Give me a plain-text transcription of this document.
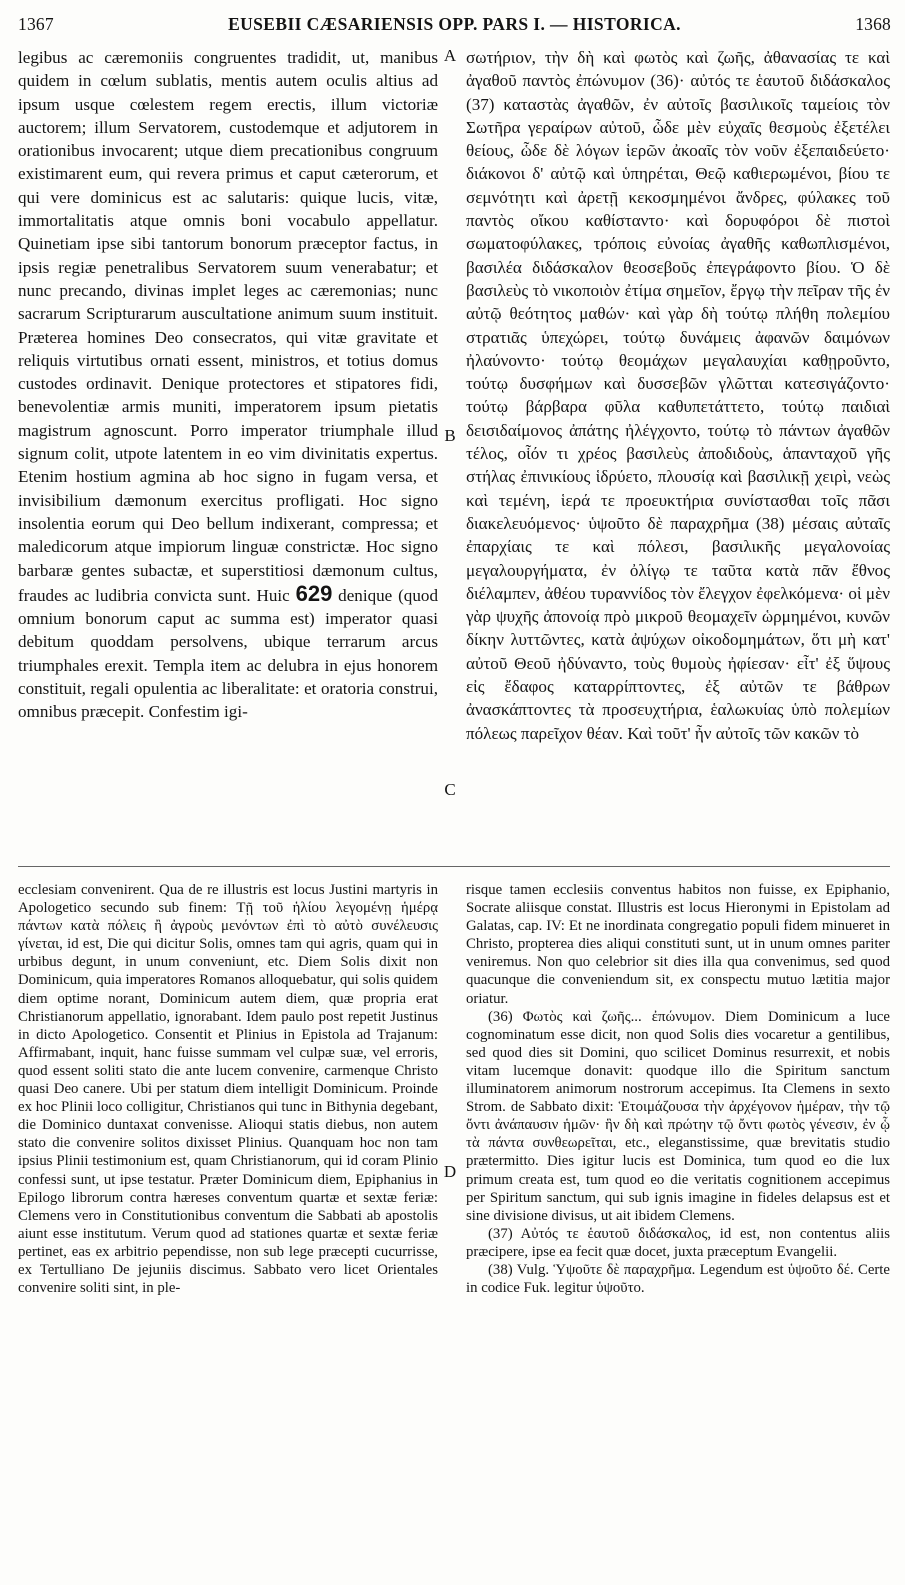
1367	EUSEBII CÆSARIENSIS OPP. PARS I. — HISTORICA.	1368

legibus ac cæremoniis congruentes tradidit, ut, manibus quidem in cœlum sublatis, mentis autem oculis altius ad ipsum usque cœlestem regem erectis, illum victoriæ auctorem; illum Servatorem, custodemque et adjutorem in orationibus invocarent; utque diem precationibus congruum existimarent eum, qui revera primus et caput cæterorum, et qui vere dominicus est ac salutaris: quique lucis, vitæ, immortalitatis atque omnis boni vocabulo appellatur. Quinetiam ipse sibi tantorum bonorum præceptor factus, in ipsis regiæ penetralibus Servatorem suum venerabatur; et nunc precando, divinas implet leges ac cæremonias; nunc sacrarum Scripturarum auscultatione animum suum instituit. Præterea homines Deo consecratos, qui vitæ gravitate et reliquis virtutibus ornati essent, ministros, et totius domus custodes ordinavit. Denique protectores et stipatores fidi, benevolentiæ armis muniti, imperatorem ipsum pietatis magistrum agnoscunt. Porro imperator triumphale illud signum colit, utpote latentem in eo vim divinitatis expertus. Etenim hostium agmina ab hoc signo in fugam versa, et invisibilium dæmonum exercitus profligati. Hoc signo insolentia eorum qui Deo bellum indixerant, compressa; et maledicorum atque impiorum linguæ constrictæ. Hoc signo barbaræ gentes subactæ, et superstitiosi dæmonum cultus, fraudes ac ludibria convicta sunt. Huic 629 denique (quod omnium bonorum caput ac summa est) imperator quasi debitum quoddam persolvens, ubique terrarum arcus triumphales erexit. Templa item ac delubra in ejus honorem constituit, regali opulentia ac liberalitate: et oratoria construi, omnibus præcepit. Confestim igi-

σωτήριον, τὴν δὴ καὶ φωτὸς καὶ ζωῆς, ἀθανασίας τε καὶ ἀγαθοῦ παντὸς ἐπώνυμον (36)· αὐτός τε ἑαυτοῦ διδάσκαλος (37) καταστὰς ἀγαθῶν, ἐν αὐτοῖς βασιλικοῖς ταμείοις τὸν Σωτῆρα γεραίρων αὐτοῦ, ὧδε μὲν εὐχαῖς θεσμοὺς ἐξετέλει θείους, ὧδε δὲ λόγων ἱερῶν ἀκοαῖς τὸν νοῦν ἐξεπαιδεύετο· διάκονοι δ' αὐτῷ καὶ ὑπηρέται, Θεῷ καθιερωμένοι, βίου τε σεμνότητι καὶ ἀρετῇ κεκοσμημένοι ἄνδρες, φύλακες τοῦ παντὸς οἴκου καθίσταντο· καὶ δορυφόροι δὲ πιστοὶ σωματοφύλακες, τρόποις εὐνοίας ἀγαθῆς καθωπλισμένοι, βασιλέα διδάσκαλον θεοσεβοῦς ἐπεγράφοντο βίου. Ὁ δὲ βασιλεὺς τὸ νικοποιὸν ἐτίμα σημεῖον, ἔργῳ τὴν πεῖραν τῆς ἐν αὐτῷ θεότητος μαθών· καὶ γὰρ δὴ τούτῳ πλήθη πολεμίου στρατιᾶς ὑπεχώρει, τούτῳ δυνάμεις ἀφανῶν δαιμόνων ἠλαύνοντο· τούτῳ θεομάχων μεγαλαυχίαι καθῃροῦντο, τούτῳ δυσφήμων καὶ δυσσεβῶν γλῶτται κατεσιγάζοντο· τούτῳ βάρβαρα φῦλα καθυπετάττετο, τούτῳ παιδιαὶ δεισιδαίμονος ἀπάτης ἠλέγχοντο, τούτῳ τὸ πάντων ἀγαθῶν τέλος, οἷόν τι χρέος βασιλεὺς ἀποδιδοὺς, ἁπανταχοῦ γῆς στήλας ἐπινικίους ἱδρύετο, πλουσίᾳ καὶ βασιλικῇ χειρὶ, νεὼς καὶ τεμένη, ἱερά τε προευκτήρια συνίστασθαι τοῖς πᾶσι διακελευόμενος· ὑψοῦτο δὲ παραχρῆμα (38) μέσαις αὐταῖς ἐπαρχίαις τε καὶ πόλεσι, βασιλικῆς μεγαλονοίας μεγαλουργήματα, ἐν ὀλίγῳ τε ταῦτα κατὰ πᾶν ἔθνος διέλαμπεν, ἀθέου τυραννίδος τὸν ἔλεγχον ἐφελκόμενα· οἱ μὲν γὰρ ψυχῆς ἀπονοίᾳ πρὸ μικροῦ θεομαχεῖν ὡρμημένοι, κυνῶν δίκην λυττῶντες, κατὰ ἀψύχων οἰκοδομημάτων, ὅτι μὴ κατ' αὐτοῦ Θεοῦ ἠδύναντο, τοὺς θυμοὺς ἠφίεσαν· εἶτ' ἐξ ὕψους εἰς ἔδαφος καταρρίπτοντες, ἐξ αὐτῶν τε βάθρων ἀνασκάπτοντες τὰ προσευχτήρια, ἑαλωκυίας ὑπὸ πολεμίων πόλεως παρεῖχον θέαν. Καὶ τοῦτ' ἦν αὐτοῖς τῶν κακῶν τὸ

A
B
C
D

ecclesiam convenirent. Qua de re illustris est locus Justini martyris in Apologetico secundo sub finem: Τῇ τοῦ ἡλίου λεγομένῃ ἡμέρᾳ πάντων κατὰ πόλεις ἢ ἀγροὺς μενόντων ἐπὶ τὸ αὐτὸ συνέλευσις γίνεται, id est, Die qui dicitur Solis, omnes tam qui agris, quam qui in urbibus degunt, in unum conveniunt, etc. Diem Solis dixit non Dominicum, quia imperatores Romanos alloquebatur, qui solis quidem diem optime norant, Dominicum autem diem, quæ propria erat Christianorum appellatio, ignorabant. Idem paulo post repetit Justinus in dicto Apologetico. Consentit et Plinius in Epistola ad Trajanum: Affirmabant, inquit, hanc fuisse summam vel culpæ suæ, vel erroris, quod essent soliti stato die ante lucem convenire, carmenque Christo quasi Deo canere. Ubi per statum diem intelligit Dominicum. Proinde ex hoc Plinii loco colligitur, Christianos qui tunc in Bithynia degebant, die Dominico duntaxat convenisse. Alioqui statis diebus, non autem stato die convenire solitos dixisset Plinius. Quanquam hoc non tam ipsius Plinii testimonium est, quam Christianorum, qui id coram Plinio confessi sunt, ut ipse testatur. Præter Dominicum diem, Epiphanius in Epilogo librorum contra hæreses conventum quartæ et sextæ feriæ: Clemens vero in Constitutionibus conventum die Sabbati ab apostolis aiunt esse institutum. Verum quod ad stationes quartæ et sextæ feriæ pertinet, eas ex arbitrio pependisse, non sub lege præcepti cucurrisse, ex Tertulliano De jejuniis discimus. Sabbato vero licet Orientales convenire soliti sint, in ple-

risque tamen ecclesiis conventus habitos non fuisse, ex Epiphanio, Socrate aliisque constat. Illustris est locus Hieronymi in Epistolam ad Galatas, cap. IV: Et ne inordinata congregatio populi fidem minueret in Christo, propterea dies aliqui constituti sunt, ut in unum omnes pariter veniremus. Non quo celebrior sit dies illa qua convenimus, sed quod quacunque die conveniendum sit, ex conspectu mutuo lætitia major oriatur.

(36) Φωτὸς καὶ ζωῆς... ἐπώνυμον. Diem Dominicum a luce cognominatum esse dicit, non quod Solis dies vocaretur a gentilibus, sed quod dies sit Domini, quo scilicet Dominus resurrexit, et nobis vitam lucemque donavit: quodque illo die Spiritum sanctum illuminatorem animorum nostrorum accepimus. Ita Clemens in sexto Strom. de Sabbato dixit: Ἑτοιμάζουσα τὴν ἀρχέγονον ἡμέραν, τὴν τῷ ὄντι ἀνάπαυσιν ἡμῶν· ἣν δὴ καὶ πρώτην τῷ ὄντι φωτὸς γένεσιν, ἐν ᾧ τὰ πάντα συνθεωρεῖται, etc., eleganstissime, quæ brevitatis studio prætermitto. Dies igitur lucis est Dominica, tum quod eo die lux primum creata est, tum quod eo die veritatis cognitionem accepimus per Spiritum sanctum, qui sub ignis imagine in fideles delapsus est et sine divisione divisus, ut ait ibidem Clemens.

(37) Αὐτός τε ἑαυτοῦ διδάσκαλος, id est, non contentus aliis præcipere, ipse ea fecit quæ docet, juxta præceptum Evangelii.

(38) Vulg. Ὑψοῦτε δὲ παραχρῆμα. Legendum est ὑψοῦτο δέ. Certe in codice Fuk. legitur ὑψοῦτο.
